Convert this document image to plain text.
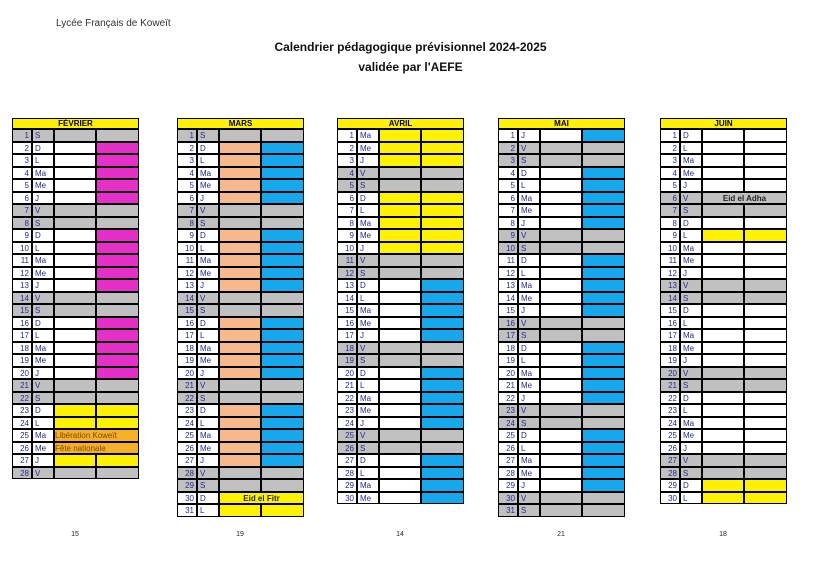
Lycée Français de Koweït
Calendrier pédagogique prévisionnel 2024-2025
validée par l'AEFE
FÉVRIER
1 S
2 D
3 L
4 Ma
5 Me
6 J
7 V
8 S
9 D
10 L
11 Ma
12 Me
13 J
14 V
15 S
16 D
17 L
18 Ma
19 Me
20 J
21 V
22 S
23 D
24 L
25 Ma	Libération Koweït
26 Me	Fête nationale
27 J
28 V
15
MARS
1 S
2 D
3 L
4 Ma
5 Me
6 J
7 V
8 S
9 D
10 L
11 Ma
12 Me
13 J
14 V
15 S
16 D
17 L
18 Ma
19 Me
20 J
21 V
22 S
23 D
24 L
25 Ma
26 Me
27 J
28 V
29 S
30 D	Eid el Fitr
31 L
19
AVRIL
1 Ma
2 Me
3 J
4 V
5 S
6 D
7 L
8 Ma
9 Me
10 J
11 V
12 S
13 D
14 L
15 Ma
16 Me
17 J
18 V
19 S
20 D
21 L
22 Ma
23 Me
24 J
25 V
26 S
27 D
28 L
29 Ma
30 Me
14
MAI
1 J
2 V
3 S
4 D
5 L
6 Ma
7 Me
8 J
9 V
10 S
11 D
12 L
13 Ma
14 Me
15 J
16 V
17 S
18 D
19 L
20 Ma
21 Me
22 J
23 V
24 S
25 D
26 L
27 Ma
28 Me
29 J
30 V
31 S
21
JUIN
1 D
2 L
3 Ma
4 Me
5 J
6 V	Eid el Adha
7 S
8 D
9 L
10 Ma
11 Me
12 J
13 V
14 S
15 D
16 L
17 Ma
18 Me
19 J
20 V
21 S
22 D
23 L
24 Ma
25 Me
26 J
27 V
28 S
29 D
30 L
18
